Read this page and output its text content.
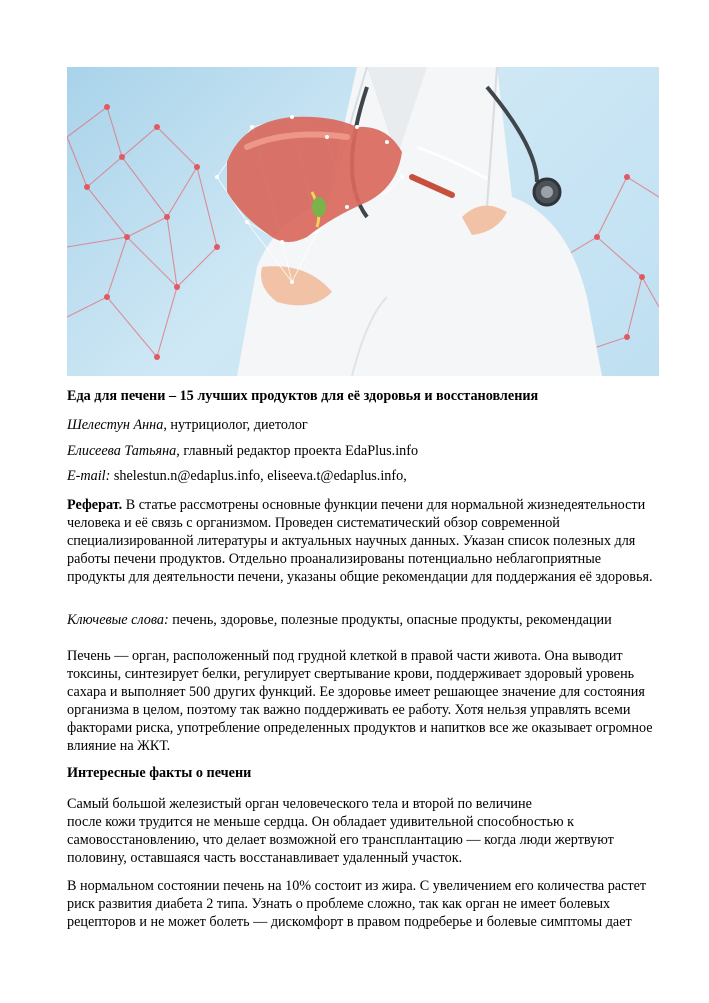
Еда для печени – 15 лучших продуктов для её здоровья и восстановления

Шелестун Анна, нутрициолог, диетолог

Елисеева Татьяна, главный редактор проекта EdaPlus.info

E-mail: shelestun.n@edaplus.info, eliseeva.t@edaplus.info,

Реферат. В статье рассмотрены основные функции печени для нормальной жизнедеятельности человека и её связь с организмом. Проведен систематический обзор современной специализированной литературы и актуальных научных данных. Указан список полезных для работы печени продуктов. Отдельно проанализированы потенциально неблагоприятные продукты для деятельности печени, указаны общие рекомендации для поддержания её здоровья.

Ключевые слова: печень, здоровье, полезные продукты, опасные продукты, рекомендации

Печень — орган, расположенный под грудной клеткой в правой части живота. Она выводит токсины, синтезирует белки, регулирует свертывание крови, поддерживает здоровый уровень сахара и выполняет 500 других функций. Ее здоровье имеет решающее значение для состояния организма в целом, поэтому так важно поддерживать ее работу. Хотя нельзя управлять всеми факторами риска, употребление определенных продуктов и напитков все же оказывает огромное влияние на ЖКТ.

Интересные факты о печени

Самый большой железистый орган человеческого тела и второй по величине
после кожи трудится не меньше сердца. Он обладает удивительной способностью к самовосстановлению, что делает возможной его трансплантацию — когда люди жертвуют половину, оставшаяся часть восстанавливает удаленный участок.

В нормальном состоянии печень на 10% состоит из жира. С увеличением его количества растет риск развития диабета 2 типа. Узнать о проблеме сложно, так как орган не имеет болевых рецепторов и не может болеть — дискомфорт в правом подреберье и болевые симптомы дает
